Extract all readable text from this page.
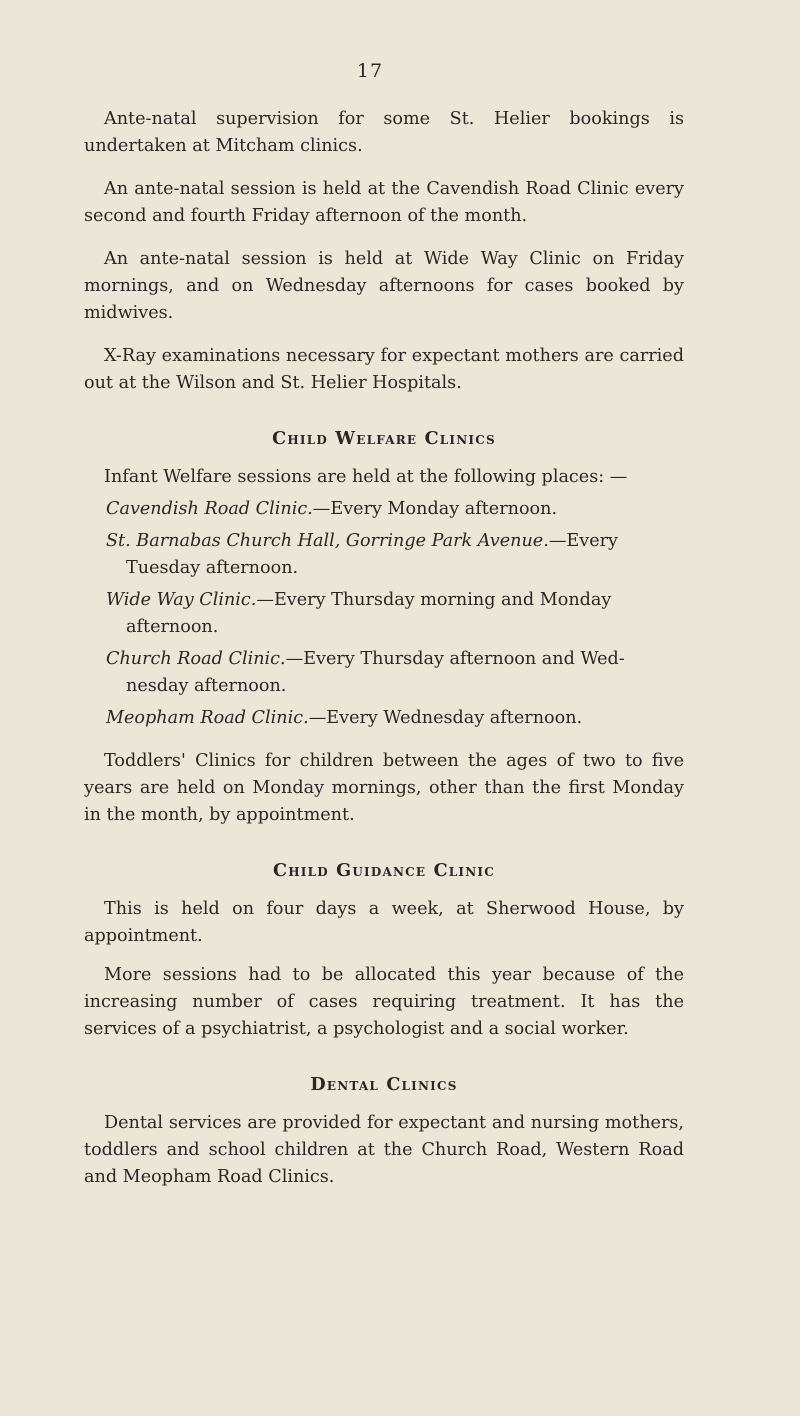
17

Ante-natal supervision for some St. Helier bookings is undertaken at Mitcham clinics.

An ante-natal session is held at the Cavendish Road Clinic every second and fourth Friday afternoon of the month.

An ante-natal session is held at Wide Way Clinic on Friday mornings, and on Wednesday afternoons for cases booked by midwives.

X-Ray examinations necessary for expectant mothers are carried out at the Wilson and St. Helier Hospitals.

Child Welfare Clinics

Infant Welfare sessions are held at the following places: —

Cavendish Road Clinic.—Every Monday afternoon.

St. Barnabas Church Hall, Gorringe Park Avenue.—Every Tuesday afternoon.

Wide Way Clinic.—Every Thursday morning and Monday afternoon.

Church Road Clinic.—Every Thursday afternoon and Wed- nesday afternoon.

Meopham Road Clinic.—Every Wednesday afternoon.

Toddlers' Clinics for children between the ages of two to five years are held on Monday mornings, other than the first Monday in the month, by appointment.

Child Guidance Clinic

This is held on four days a week, at Sherwood House, by appointment.

More sessions had to be allocated this year because of the increasing number of cases requiring treatment. It has the services of a psychiatrist, a psychologist and a social worker.

Dental Clinics

Dental services are provided for expectant and nursing mothers, toddlers and school children at the Church Road, Western Road and Meopham Road Clinics.
